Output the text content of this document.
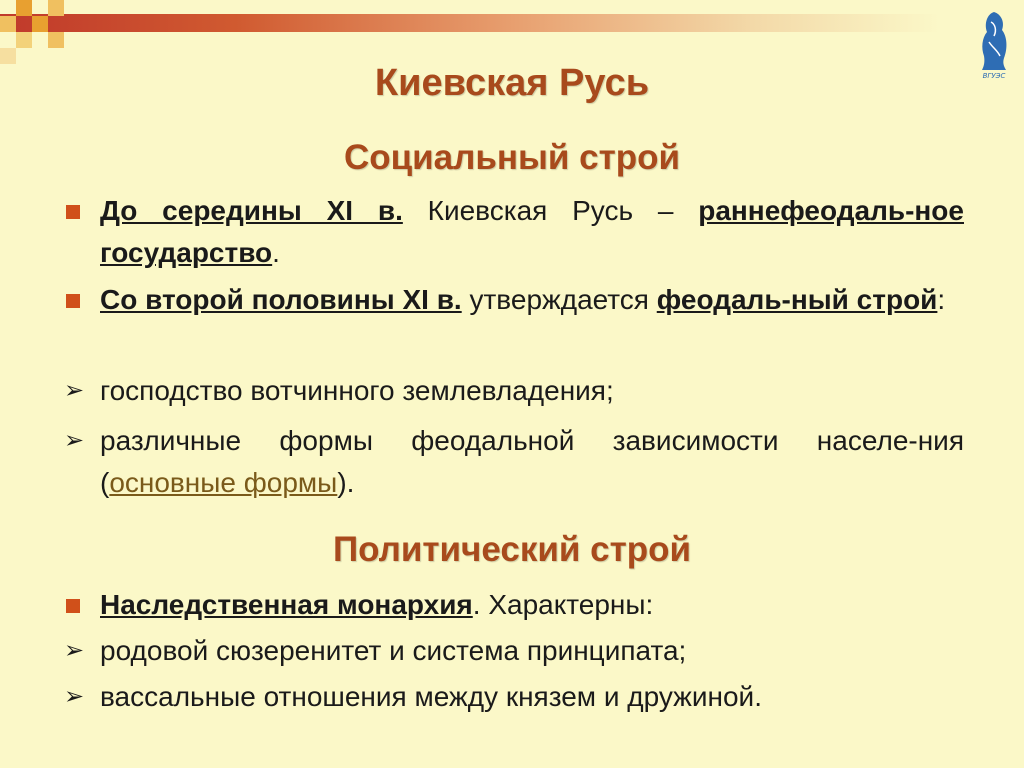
ВГУЭС
Киевская Русь
Социальный строй
До середины XI в. Киевская Русь – раннефеодаль-ное государство.
Со второй половины XI в. утверждается феодаль-ный строй:
➢ господство вотчинного землевладения;
➢ различные формы феодальной зависимости населе-ния (основные формы).
Политический строй
Наследственная монархия. Характерны:
➢ родовой сюзеренитет и система принципата;
➢ вассальные отношения между князем и дружиной.
